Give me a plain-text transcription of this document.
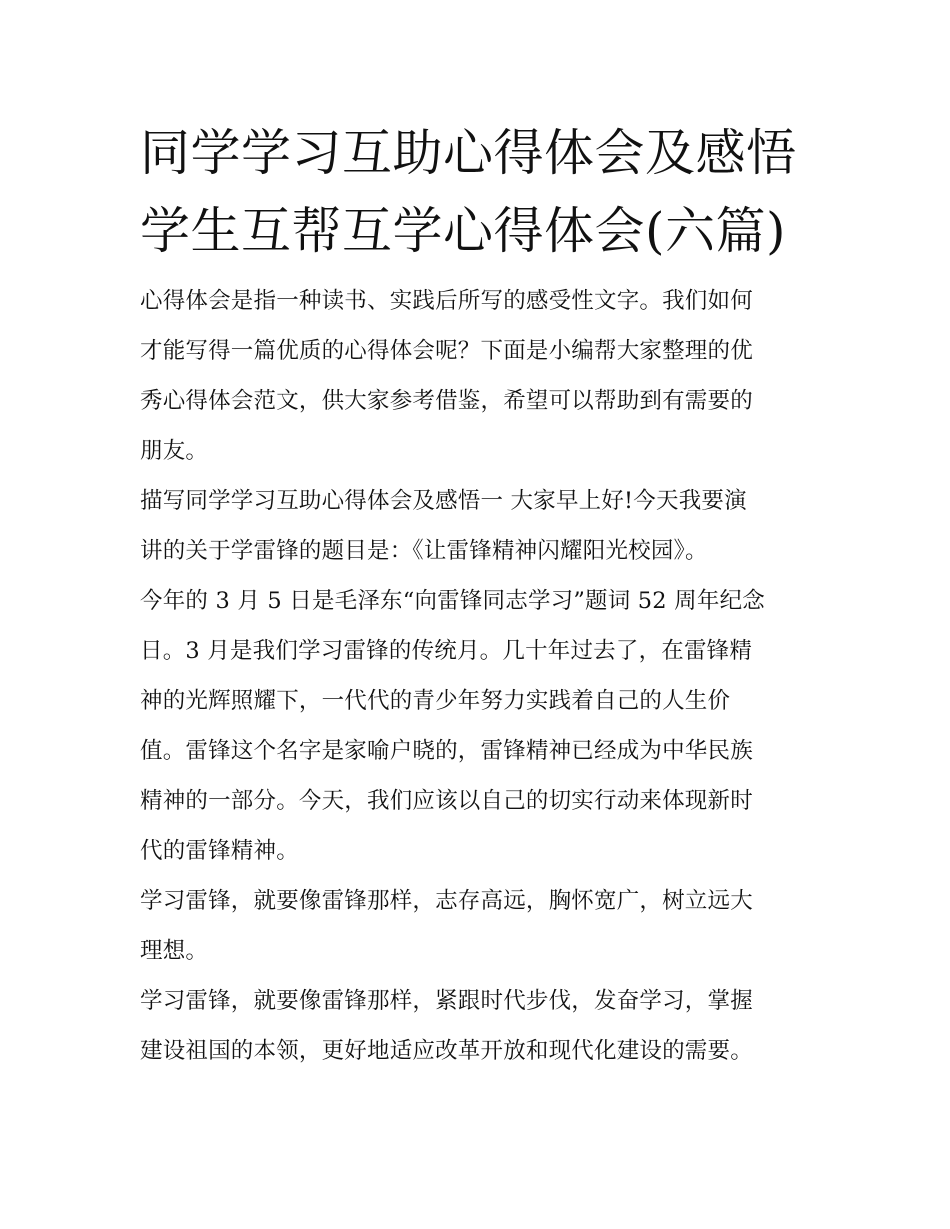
同学学习互助心得体会及感悟
学生互帮互学心得体会(六篇)

心得体会是指一种读书、实践后所写的感受性文字。我们如何
才能写得一篇优质的心得体会呢？下面是小编帮大家整理的优
秀心得体会范文，供大家参考借鉴，希望可以帮助到有需要的
朋友。

描写同学学习互助心得体会及感悟一 大家早上好!今天我要演
讲的关于学雷锋的题目是：《让雷锋精神闪耀阳光校园》。

今年的 3 月 5 日是毛泽东“向雷锋同志学习”题词 52 周年纪念
日。3 月是我们学习雷锋的传统月。几十年过去了，在雷锋精
神的光辉照耀下，一代代的青少年努力实践着自己的人生价
值。雷锋这个名字是家喻户晓的，雷锋精神已经成为中华民族
精神的一部分。今天，我们应该以自己的切实行动来体现新时
代的雷锋精神。

学习雷锋，就要像雷锋那样，志存高远，胸怀宽广，树立远大
理想。

学习雷锋，就要像雷锋那样，紧跟时代步伐，发奋学习，掌握
建设祖国的本领，更好地适应改革开放和现代化建设的需要。
